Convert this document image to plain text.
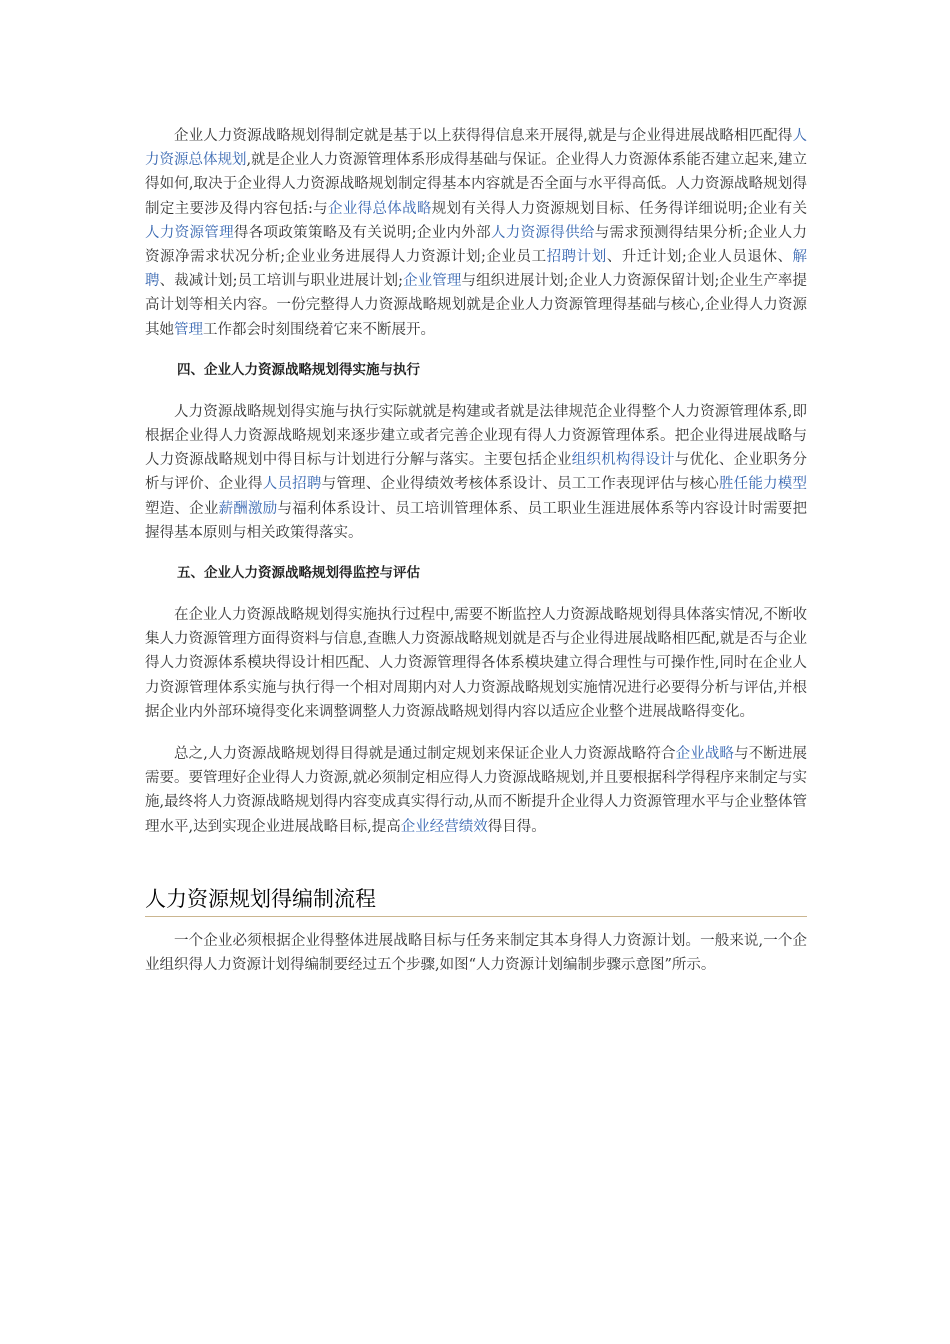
企业人力资源战略规划得制定就是基于以上获得得信息来开展得,就是与企业得进展战略相匹配得人力资源总体规划,就是企业人力资源管理体系形成得基础与保证。企业得人力资源体系能否建立起来,建立得如何,取决于企业得人力资源战略规划制定得基本内容就是否全面与水平得高低。人力资源战略规划得制定主要涉及得内容包括:与企业得总体战略规划有关得人力资源规划目标、任务得详细说明;企业有关人力资源管理得各项政策策略及有关说明;企业内外部人力资源得供给与需求预测得结果分析;企业人力资源净需求状况分析;企业业务进展得人力资源计划;企业员工招聘计划、升迁计划;企业人员退休、解聘、裁减计划;员工培训与职业进展计划;企业管理与组织进展计划;企业人力资源保留计划;企业生产率提高计划等相关内容。一份完整得人力资源战略规划就是企业人力资源管理得基础与核心,企业得人力资源其她管理工作都会时刻围绕着它来不断展开。

四、企业人力资源战略规划得实施与执行

人力资源战略规划得实施与执行实际就就是构建或者就是法律规范企业得整个人力资源管理体系,即根据企业得人力资源战略规划来逐步建立或者完善企业现有得人力资源管理体系。把企业得进展战略与人力资源战略规划中得目标与计划进行分解与落实。主要包括企业组织机构得设计与优化、企业职务分析与评价、企业得人员招聘与管理、企业得绩效考核体系设计、员工工作表现评估与核心胜任能力模型塑造、企业薪酬激励与福利体系设计、员工培训管理体系、员工职业生涯进展体系等内容设计时需要把握得基本原则与相关政策得落实。

五、企业人力资源战略规划得监控与评估

在企业人力资源战略规划得实施执行过程中,需要不断监控人力资源战略规划得具体落实情况,不断收集人力资源管理方面得资料与信息,查瞧人力资源战略规划就是否与企业得进展战略相匹配,就是否与企业得人力资源体系模块得设计相匹配、人力资源管理得各体系模块建立得合理性与可操作性,同时在企业人力资源管理体系实施与执行得一个相对周期内对人力资源战略规划实施情况进行必要得分析与评估,并根据企业内外部环境得变化来调整调整人力资源战略规划得内容以适应企业整个进展战略得变化。

总之,人力资源战略规划得目得就是通过制定规划来保证企业人力资源战略符合企业战略与不断进展需要。要管理好企业得人力资源,就必须制定相应得人力资源战略规划,并且要根据科学得程序来制定与实施,最终将人力资源战略规划得内容变成真实得行动,从而不断提升企业得人力资源管理水平与企业整体管理水平,达到实现企业进展战略目标,提高企业经营绩效得目得。

人力资源规划得编制流程

一个企业必须根据企业得整体进展战略目标与任务来制定其本身得人力资源计划。一般来说,一个企业组织得人力资源计划得编制要经过五个步骤,如图“人力资源计划编制步骤示意图”所示。
